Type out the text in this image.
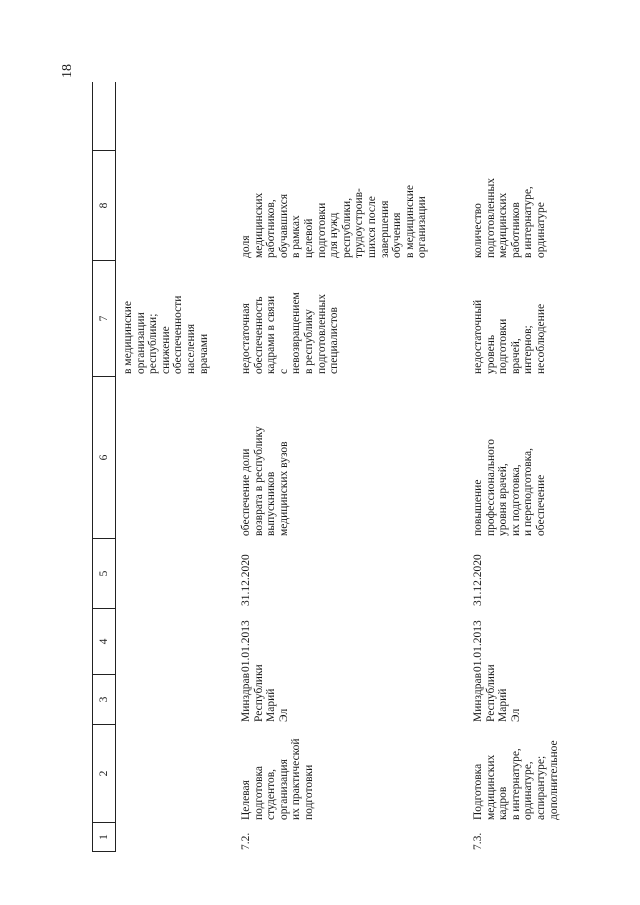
18
1
2
3
4
5
6
7
8
в медицинские
организации
республики;
снижение
обеспеченности
населения
врачами
7.2.
Целевая подготовка
студентов,
организация
их практической
подготовки
Минздрав
Республики
Марий Эл
01.01.2013
31.12.2020
обеспечение доли
возврата в республику
выпускников
медицинских вузов
недостаточная
обеспеченность
кадрами в связи
с
невозвращением
в республику
подготовленных
специалистов
доля
медицинских
работников,
обучавшихся
в рамках
целевой
подготовки
для нужд
республики,
трудоустроив-
шихся после
завершения
обучения
в медицинские
организации
7.3.
Подготовка
медицинских кадров
в интернатуре,
ординатуре,
аспирантуре;
дополнительное
Минздрав
Республики
Марий Эл
01.01.2013
31.12.2020
повышение
профессионального
уровня врачей,
их подготовка,
и переподготовка,
обеспечение
недостаточный
уровень
подготовки
врачей,
интернов;
несоблюдение
количество
подготовленных
медицинских
работников
в интернатуре,
ординатуре
